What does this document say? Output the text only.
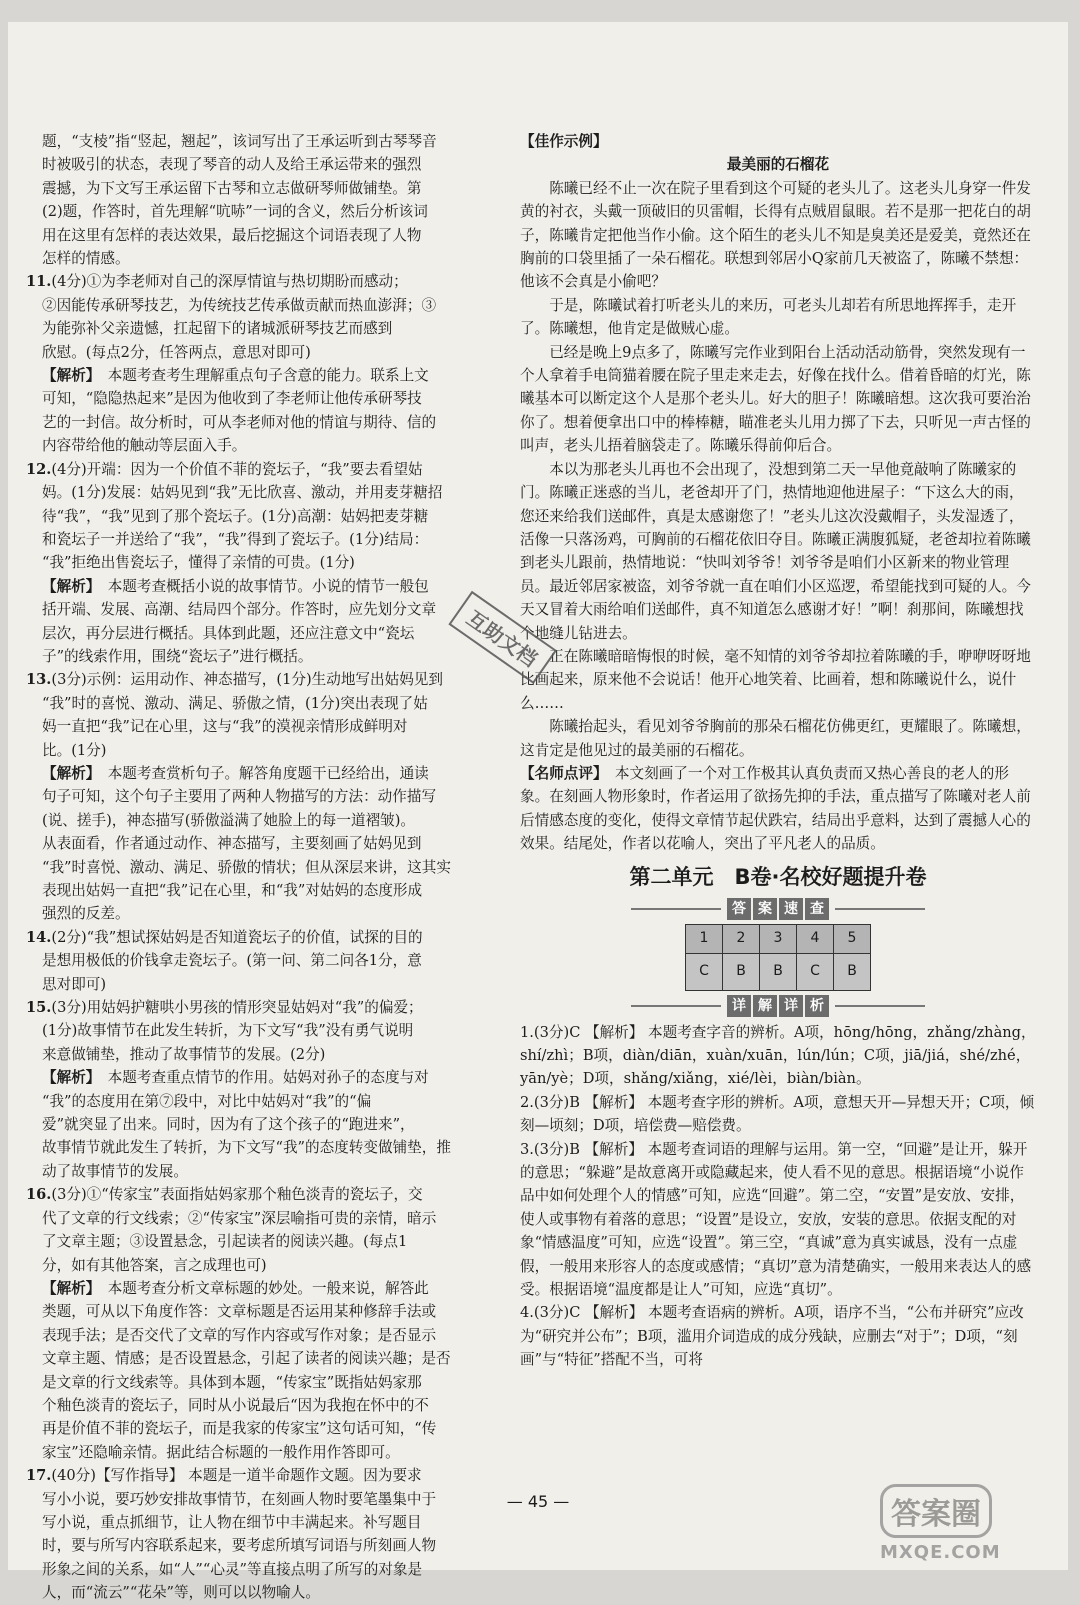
题，“支棱”指“竖起，翘起”，该词写出了王承运听到古琴琴音

时被吸引的状态，表现了琴音的动人及给王承运带来的强烈

震撼，为下文写王承运留下古琴和立志做研琴师做铺垫。第

(2)题，作答时，首先理解“吭哧”一词的含义，然后分析该词

用在这里有怎样的表达效果，最后挖掘这个词语表现了人物

怎样的情感。

11.(4分)①为李老师对自己的深厚情谊与热切期盼而感动；

②因能传承研琴技艺，为传统技艺传承做贡献而热血澎湃；③

为能弥补父亲遗憾，扛起留下的诸城派研琴技艺而感到

欣慰。(每点2分，任答两点，意思对即可)

【解析】　 本题考查考生理解重点句子含意的能力。联系上文

可知，“隐隐热起来”是因为他收到了李老师让他传承研琴技

艺的一封信。故分析时，可从李老师对他的情谊与期待、信的

内容带给他的触动等层面入手。

12.(4分)开端：因为一个价值不菲的瓷坛子，“我”要去看望姑

妈。(1分)发展：姑妈见到“我”无比欣喜、激动，并用麦芽糖招

待“我”，“我”见到了那个瓷坛子。(1分)高潮：姑妈把麦芽糖

和瓷坛子一并送给了“我”，“我”得到了瓷坛子。(1分)结局：

“我”拒绝出售瓷坛子，懂得了亲情的可贵。(1分)

【解析】　 本题考查概括小说的故事情节。小说的情节一般包

括开端、发展、高潮、结局四个部分。作答时，应先划分文章

层次，再分层进行概括。具体到此题，还应注意文中“瓷坛

子”的线索作用，围绕“瓷坛子”进行概括。

13.(3分)示例：运用动作、神态描写，(1分)生动地写出姑妈见到

“我”时的喜悦、激动、满足、骄傲之情，(1分)突出表现了姑

妈一直把“我”记在心里，这与“我”的漠视亲情形成鲜明对

比。(1分)

【解析】　 本题考查赏析句子。解答角度题干已经给出，通读

句子可知，这个句子主要用了两种人物描写的方法：动作描写

(说、搓手)，神态描写(骄傲溢满了她脸上的每一道褶皱)。

从表面看，作者通过动作、神态描写，主要刻画了姑妈见到

“我”时喜悦、激动、满足、骄傲的情状；但从深层来讲，这其实

表现出姑妈一直把“我”记在心里，和“我”对姑妈的态度形成

强烈的反差。

14.(2分)“我”想试探姑妈是否知道瓷坛子的价值，试探的目的

是想用极低的价钱拿走瓷坛子。(第一问、第二问各1分，意

思对即可)

15.(3分)用姑妈护糖哄小男孩的情形突显姑妈对“我”的偏爱；

(1分)故事情节在此发生转折，为下文写“我”没有勇气说明

来意做铺垫，推动了故事情节的发展。(2分)

【解析】　 本题考查重点情节的作用。姑妈对孙子的态度与对

“我”的态度用在第⑦段中，对比中姑妈对“我”的“偏

爱”就突显了出来。同时，因为有了这个孩子的“跑进来”，

故事情节就此发生了转折，为下文写“我”的态度转变做铺垫，推

动了故事情节的发展。

16.(3分)①“传家宝”表面指姑妈家那个釉色淡青的瓷坛子，交

代了文章的行文线索；②“传家宝”深层喻指可贵的亲情，暗示

了文章主题；③设置悬念，引起读者的阅读兴趣。(每点1

分，如有其他答案，言之成理也可)

【解析】　 本题考查分析文章标题的妙处。一般来说，解答此

类题，可从以下角度作答：文章标题是否运用某种修辞手法或

表现手法；是否交代了文章的写作内容或写作对象；是否显示

文章主题、情感；是否设置悬念，引起了读者的阅读兴趣；是否

是文章的行文线索等。具体到本题，“传家宝”既指姑妈家那

个釉色淡青的瓷坛子，同时从小说最后“因为我抱在怀中的不

再是价值不菲的瓷坛子，而是我家的传家宝”这句话可知，“传

家宝”还隐喻亲情。据此结合标题的一般作用作答即可。

17.(40分)【写作指导】 本题是一道半命题作文题。因为要求

写小小说，要巧妙安排故事情节，在刻画人物时要笔墨集中于

写小说，重点抓细节，让人物在细节中丰满起来。补写题目

时，要与所写内容联系起来，要考虑所填写词语与所刻画人物

形象之间的关系，如“人”“心灵”等直接点明了所写的对象是

人，而“流云”“花朵”等，则可以以物喻人。

【佳作示例】

最美丽的石榴花

陈曦已经不止一次在院子里看到这个可疑的老头儿了。这老头儿身穿一件发黄的衬衣，头戴一顶破旧的贝雷帽，长得有点贼眉鼠眼。若不是那一把花白的胡子，陈曦肯定把他当作小偷。这个陌生的老头儿不知是臭美还是爱美，竟然还在胸前的口袋里插了一朵石榴花。联想到邻居小Q家前几天被盗了，陈曦不禁想：他该不会真是小偷吧？

于是，陈曦试着打听老头儿的来历，可老头儿却若有所思地挥挥手，走开了。陈曦想，他肯定是做贼心虚。

已经是晚上9点多了，陈曦写完作业到阳台上活动活动筋骨，突然发现有一个人拿着手电筒猫着腰在院子里走来走去，好像在找什么。借着昏暗的灯光，陈曦基本可以断定这个人是那个老头儿。好大的胆子！陈曦暗想。这次我可要治治你了。想着便拿出口中的棒棒糖，瞄准老头儿用力掷了下去，只听见一声古怪的叫声，老头儿捂着脑袋走了。陈曦乐得前仰后合。

本以为那老头儿再也不会出现了，没想到第二天一早他竟敲响了陈曦家的门。陈曦正迷惑的当儿，老爸却开了门，热情地迎他进屋子：“下这么大的雨，您还来给我们送邮件，真是太感谢您了！”老头儿这次没戴帽子，头发湿透了，活像一只落汤鸡，可胸前的石榴花依旧夺目。陈曦正满腹狐疑，老爸却拉着陈曦到老头儿跟前，热情地说：“快叫刘爷爷！刘爷爷是咱们小区新来的物业管理员。最近邻居家被盗，刘爷爷就一直在咱们小区巡逻，希望能找到可疑的人。今天又冒着大雨给咱们送邮件，真不知道怎么感谢才好！”啊！刹那间，陈曦想找个地缝儿钻进去。

正在陈曦暗暗悔恨的时候，毫不知情的刘爷爷却拉着陈曦的手，咿咿呀呀地比画起来，原来他不会说话！他开心地笑着、比画着，想和陈曦说什么，说什么……

陈曦抬起头，看见刘爷爷胸前的那朵石榴花仿佛更红，更耀眼了。陈曦想，这肯定是他见过的最美丽的石榴花。

【名师点评】　 本文刻画了一个对工作极其认真负责而又热心善良的老人的形象。在刻画人物形象时，作者运用了欲扬先抑的手法，重点描写了陈曦对老人前后情感态度的变化，使得文章情节起伏跌宕，结局出乎意料，达到了震撼人心的效果。结尾处，作者以花喻人，突出了平凡老人的品质。

第二单元　B卷·名校好题提升卷
答 案 速 查
1	2	3	4	5
C	B	B	C	B
详 解 详 析

1.(3分)C 【解析】 本题考查字音的辨析。A项，hōng/hōng，zhǎng/zhàng，shí/zhì；B项，diàn/diān，xuàn/xuān，lún/lún；C项，jiā/jiá，shé/zhé，yān/yè；D项，shǎng/xiǎng，xié/lèi，biàn/biàn。

2.(3分)B 【解析】 本题考查字形的辨析。A项，意想天开—异想天开；C项，倾刻—顷刻；D项，培偿费—赔偿费。

3.(3分)B 【解析】 本题考查词语的理解与运用。第一空，“回避”是让开，躲开的意思；“躲避”是故意离开或隐藏起来，使人看不见的意思。根据语境“小说作品中如何处理个人的情感”可知，应选“回避”。第二空，“安置”是安放、安排，使人或事物有着落的意思；“设置”是设立，安放，安装的意思。依据支配的对象“情感温度”可知，应选“设置”。第三空，“真诚”意为真实诚恳，没有一点虚假，一般用来形容人的态度或感情；“真切”意为清楚确实，一般用来表达人的感受。根据语境“温度都是让人”可知，应选“真切”。

4.(3分)C 【解析】 本题考查语病的辨析。A项，语序不当，“公布并研究”应改为“研究并公布”；B项，滥用介词造成的成分残缺，应删去“对于”；D项，“刻画”与“特征”搭配不当，可将

互助文档
— 45 —	答案圈
MXQE.COM
